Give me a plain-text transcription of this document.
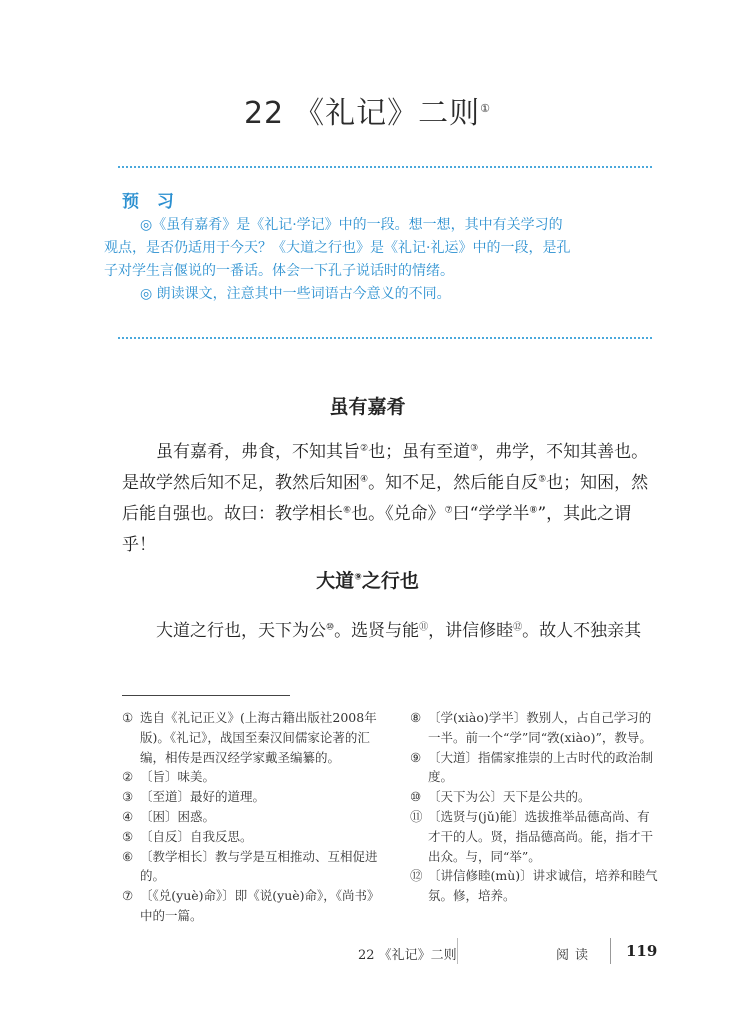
22 《礼记》二则①
预 习

◎《虽有嘉肴》是《礼记·学记》中的一段。想一想，其中有关学习的

观点，是否仍适用于今天？《大道之行也》是《礼记·礼运》中的一段，是孔

子对学生言偃说的一番话。体会一下孔子说话时的情绪。

◎ 朗读课文，注意其中一些词语古今意义的不同。

虽有嘉肴
虽有嘉肴，弗食，不知其旨②也；虽有至道③，弗学，不知其善也。是故学然后知不足，教然后知困④。知不足，然后能自反⑤也；知困，然后能自强也。故曰：教学相长⑥也。《兑命》⑦曰“学学半⑧”，其此之谓乎！
大道⑨之行也
大道之行也，天下为公⑩。选贤与能⑪，讲信修睦⑫。故人不独亲其
① 选自《礼记正义》(上海古籍出版社2008年版)。《礼记》，战国至秦汉间儒家论著的汇编，相传是西汉经学家戴圣编纂的。
② 〔旨〕味美。
③ 〔至道〕最好的道理。
④ 〔困〕困惑。
⑤ 〔自反〕自我反思。
⑥ 〔教学相长〕教与学是互相推动、互相促进的。
⑦ 〔《兑(yuè)命》〕即《说(yuè)命》，《尚书》中的一篇。
⑧ 〔学(xiào)学半〕教别人，占自己学习的一半。前一个“学”同“敩(xiào)”，教导。
⑨ 〔大道〕指儒家推崇的上古时代的政治制度。
⑩ 〔天下为公〕天下是公共的。
⑪ 〔选贤与(jǔ)能〕选拔推举品德高尚、有才干的人。贤，指品德高尚。能，指才干出众。与，同“举”。
⑫ 〔讲信修睦(mù)〕讲求诚信，培养和睦气氛。修，培养。
22 《礼记》二则	阅读 119
